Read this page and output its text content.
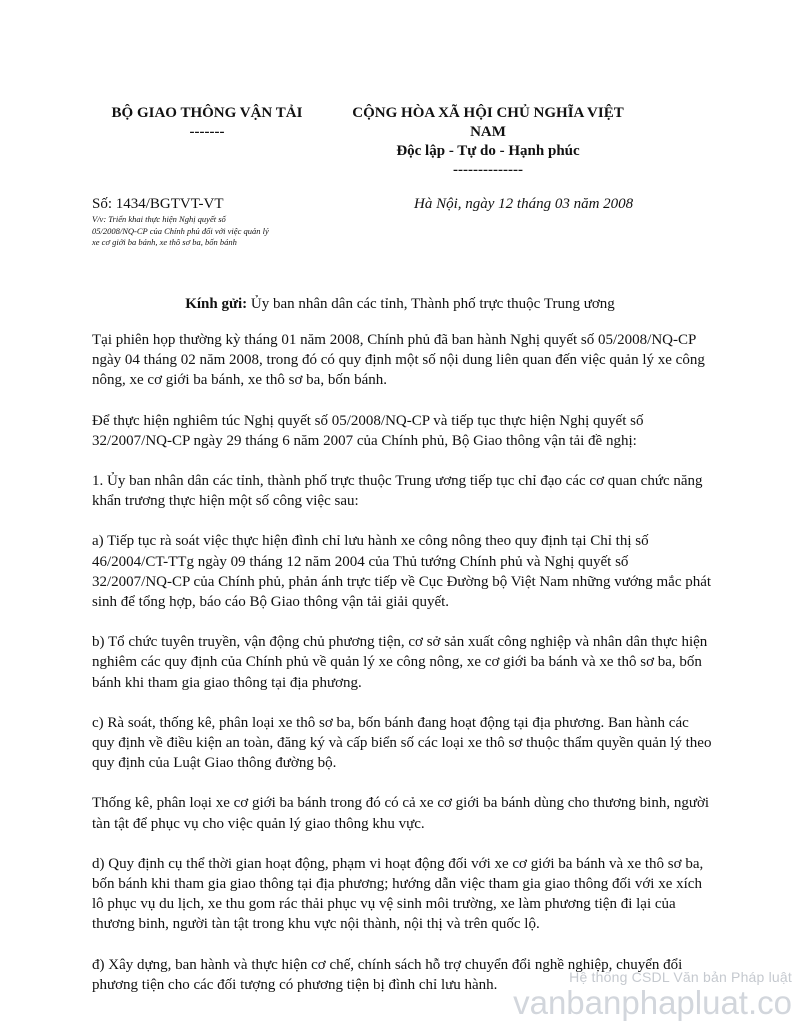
BỘ GIAO THÔNG VẬN TẢI
-------
CỘNG HÒA XÃ HỘI CHỦ NGHĨA VIỆT
NAM
Độc lập - Tự do - Hạnh phúc
--------------
Số: 1434/BGTVT-VT
V/v: Triển khai thực hiện Nghị quyết số
05/2008/NQ-CP của Chính phủ đối với việc quản lý
xe cơ giới ba bánh, xe thô sơ ba, bốn bánh
Hà Nội, ngày 12 tháng 03 năm 2008
Kính gửi: Ủy ban nhân dân các tỉnh, Thành phố trực thuộc Trung ương

Tại phiên họp thường kỳ tháng 01 năm 2008, Chính phủ đã ban hành Nghị quyết số 05/2008/NQ-CP ngày 04 tháng 02 năm 2008, trong đó có quy định một số nội dung liên quan đến việc quản lý xe công nông, xe cơ giới ba bánh, xe thô sơ ba, bốn bánh.

Để thực hiện nghiêm túc Nghị quyết số 05/2008/NQ-CP và tiếp tục thực hiện Nghị quyết số 32/2007/NQ-CP ngày 29 tháng 6 năm 2007 của Chính phủ, Bộ Giao thông vận tải đề nghị:

1. Ủy ban nhân dân các tỉnh, thành phố trực thuộc Trung ương tiếp tục chỉ đạo các cơ quan chức năng khẩn trương thực hiện một số công việc sau:

a) Tiếp tục rà soát việc thực hiện đình chỉ lưu hành xe công nông theo quy định tại Chỉ thị số 46/2004/CT-TTg ngày 09 tháng 12 năm 2004 của Thủ tướng Chính phủ và Nghị quyết số 32/2007/NQ-CP của Chính phủ, phản ánh trực tiếp về Cục Đường bộ Việt Nam những vướng mắc phát sinh để tổng hợp, báo cáo Bộ Giao thông vận tải giải quyết.

b) Tổ chức tuyên truyền, vận động chủ phương tiện, cơ sở sản xuất công nghiệp và nhân dân thực hiện nghiêm các quy định của Chính phủ về quản lý xe công nông, xe cơ giới ba bánh và xe thô sơ ba, bốn bánh khi tham gia giao thông tại địa phương.

c) Rà soát, thống kê, phân loại xe thô sơ ba, bốn bánh đang hoạt động tại địa phương. Ban hành các quy định về điều kiện an toàn, đăng ký và cấp biển số các loại xe thô sơ thuộc thẩm quyền quản lý theo quy định của Luật Giao thông đường bộ.

Thống kê, phân loại xe cơ giới ba bánh trong đó có cả xe cơ giới ba bánh dùng cho thương binh, người tàn tật để phục vụ cho việc quản lý giao thông khu vực.

d) Quy định cụ thể thời gian hoạt động, phạm vi hoạt động đối với xe cơ giới ba bánh và xe thô sơ ba, bốn bánh khi tham gia giao thông tại địa phương; hướng dẫn việc tham gia giao thông đối với xe xích lô phục vụ du lịch, xe thu gom rác thải phục vụ vệ sinh môi trường, xe làm phương tiện đi lại của thương binh, người tàn tật trong khu vực nội thành, nội thị và trên quốc lộ.

đ) Xây dựng, ban hành và thực hiện cơ chế, chính sách hỗ trợ chuyển đổi nghề nghiệp, chuyển đổi phương tiện cho các đối tượng có phương tiện bị đình chỉ lưu hành.	Hệ thống CSDL Văn bản Pháp luật
vanbanphapluat.co
